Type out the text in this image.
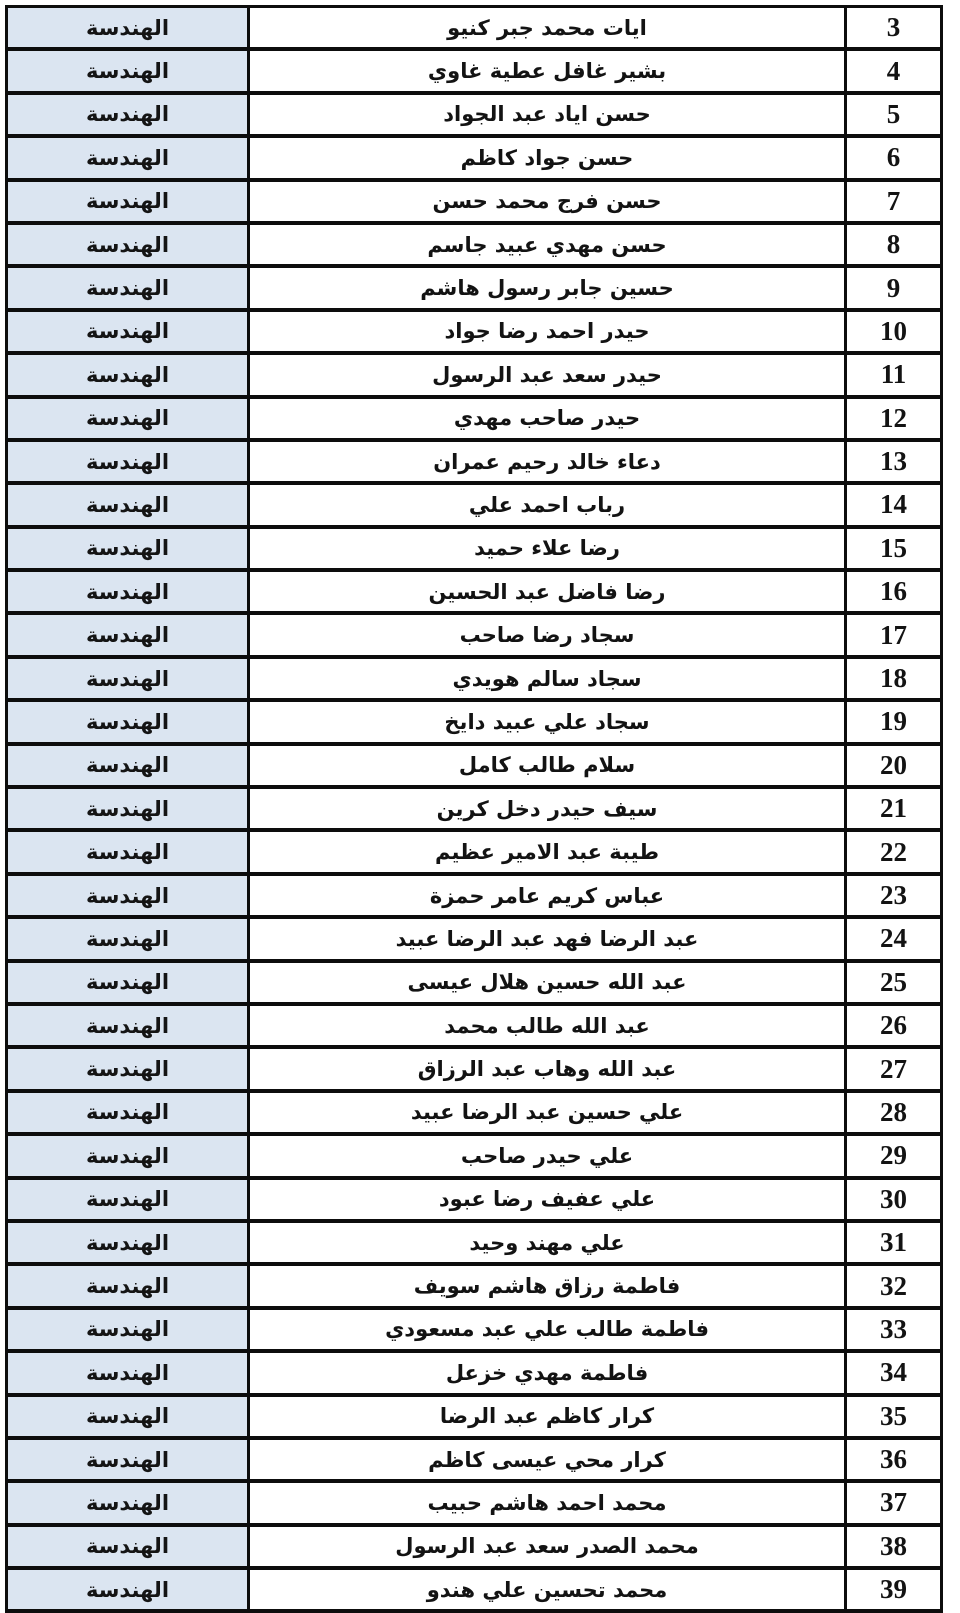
الهندسة	ايات محمد جبر كنيو	3
الهندسة	بشير غافل عطية غاوي	4
الهندسة	حسن اياد عبد الجواد	5
الهندسة	حسن جواد كاظم	6
الهندسة	حسن فرج محمد حسن	7
الهندسة	حسن مهدي عبيد جاسم	8
الهندسة	حسين جابر رسول هاشم	9
الهندسة	حيدر احمد رضا جواد	10
الهندسة	حيدر سعد عبد الرسول	11
الهندسة	حيدر صاحب مهدي	12
الهندسة	دعاء خالد رحيم عمران	13
الهندسة	رباب احمد علي	14
الهندسة	رضا علاء حميد	15
الهندسة	رضا فاضل عبد الحسين	16
الهندسة	سجاد رضا صاحب	17
الهندسة	سجاد سالم هويدي	18
الهندسة	سجاد علي عبيد دايخ	19
الهندسة	سلام طالب كامل	20
الهندسة	سيف حيدر دخل كرين	21
الهندسة	طيبة عبد الامير عظيم	22
الهندسة	عباس كريم عامر حمزة	23
الهندسة	عبد الرضا فهد عبد الرضا عبيد	24
الهندسة	عبد الله حسين هلال عيسى	25
الهندسة	عبد الله طالب محمد	26
الهندسة	عبد الله وهاب عبد الرزاق	27
الهندسة	علي حسين عبد الرضا عبيد	28
الهندسة	علي حيدر صاحب	29
الهندسة	علي عفيف رضا عبود	30
الهندسة	علي مهند وحيد	31
الهندسة	فاطمة رزاق هاشم سويف	32
الهندسة	فاطمة طالب علي عبد مسعودي	33
الهندسة	فاطمة مهدي خزعل	34
الهندسة	كرار كاظم عبد الرضا	35
الهندسة	كرار محي عيسى كاظم	36
الهندسة	محمد احمد هاشم حبيب	37
الهندسة	محمد الصدر سعد عبد الرسول	38
الهندسة	محمد تحسين علي هندو	39
